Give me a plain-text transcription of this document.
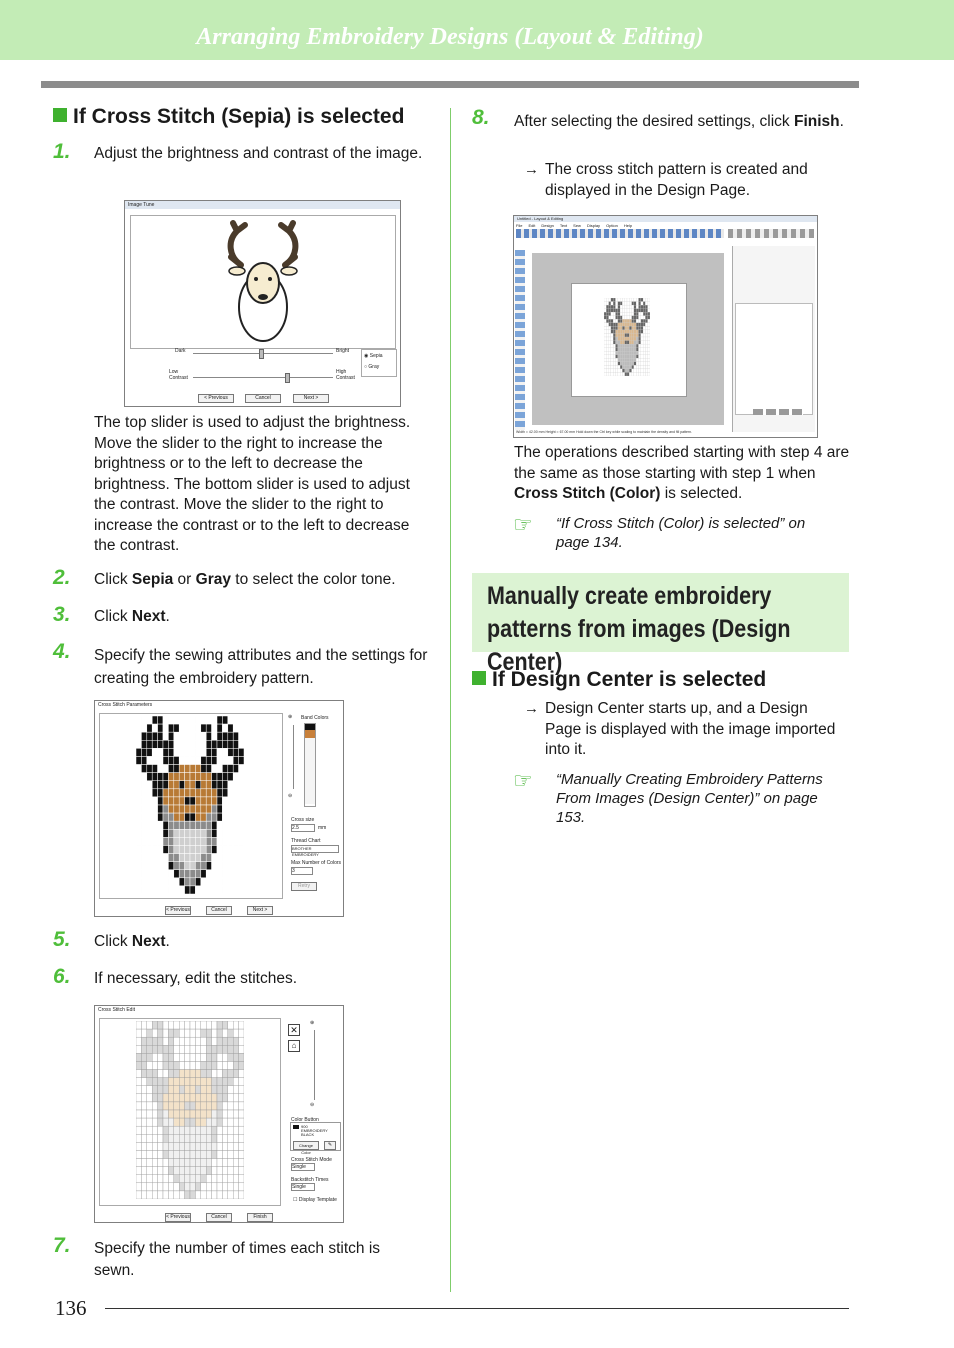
Arranging Embroidery Designs (Layout & Editing)
If Cross Stitch (Sepia) is selected
1. Adjust the brightness and contrast of the image.
Image Tune
Dark	Bright
Low Contrast
High Contrast
◉ Sepia
○ Gray
< Previous	Cancel	Next >
The top slider is used to adjust the brightness. Move the slider to the right to increase the brightness or to the left to decrease the brightness. The bottom slider is used to adjust the contrast. Move the slider to the right to increase the contrast or to the left to decrease the contrast.
2. Click Sepia or Gray to select the color tone.
3. Click Next.
4. Specify the sewing attributes and the settings for creating the embroidery pattern.
Cross Stitch Parameters
⊕
⊖
Band Colors
Cross size
2.5	mm
Thread Chart
BROTHER EMBROIDERY
Max Number of Colors
3
Retry
< Previous	Cancel	Next >
5. Click Next.
6. If necessary, edit the stitches.
Cross Stitch Edit
✕
⌂
⊕
⊖
Color Button
900 EMBROIDERY BLACK
Change Color
✎
Cross Stitch Mode
Single
Backstitch Times
Single
☐ Display Template
< Previous	Cancel	Finish
7. Specify the number of times each stitch is sewn.
8. After selecting the desired settings, click Finish.
→ The cross stitch pattern is created and displayed in the Design Page.
Untitled - Layout & Editing
File Edit Design Text Sew Display Option Help
Width = 42.00 mm Height = 67.00 mm Hold down the Ctrl key while scaling to maintain the density and fill pattern.
The operations described starting with step 4 are the same as those starting with step 1 when Cross Stitch (Color) is selected.
☞ “If Cross Stitch (Color) is selected” on page 134.
Manually create embroidery patterns from images (Design Center)
If Design Center is selected
→ Design Center starts up, and a Design Page is displayed with the image imported into it.
☞ “Manually Creating Embroidery Patterns From Images (Design Center)” on page 153.
136
